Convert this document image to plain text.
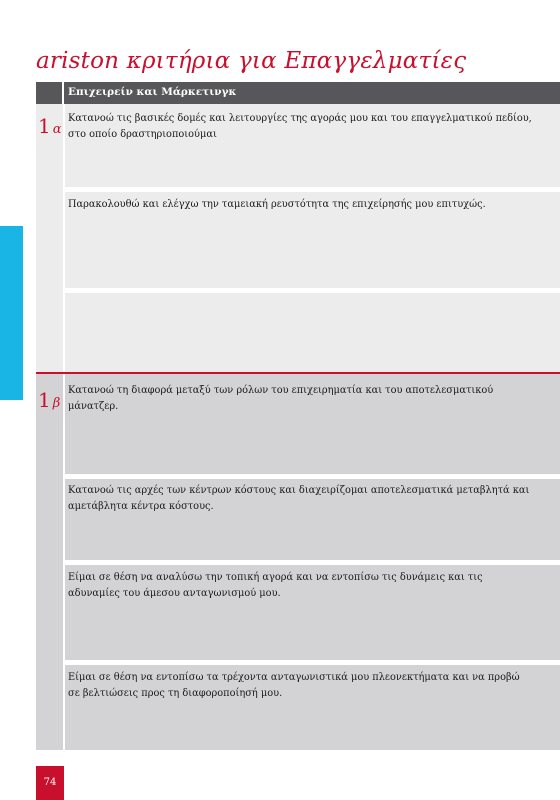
ariston κριτήρια για Επαγγελματίες
Επιχειρείν και Μάρκετινγκ
1 α
Κατανοώ τις βασικές δομές και λειτουργίες της αγοράς μου και του επαγγελματικού πεδίου, στο οποίο δραστηριοποιούμαι
Παρακολουθώ και ελέγχω την ταμειακή ρευστότητα της επιχείρησής μου επιτυχώς.
1 β
Κατανοώ τη διαφορά μεταξύ των ρόλων του επιχειρηματία και του αποτελεσματικού μάνατζερ.
Κατανοώ τις αρχές των κέντρων κόστους και διαχειρίζομαι αποτελεσματικά μεταβλητά και αμετάβλητα κέντρα κόστους.
Είμαι σε θέση να αναλύσω την τοπική αγορά και να εντοπίσω τις δυνάμεις και τις αδυναμίες του άμεσου ανταγωνισμού μου.
Είμαι σε θέση να εντοπίσω τα τρέχοντα ανταγωνιστικά μου πλεονεκτήματα και να προβώ σε βελτιώσεις προς τη διαφοροποίησή μου.
74
